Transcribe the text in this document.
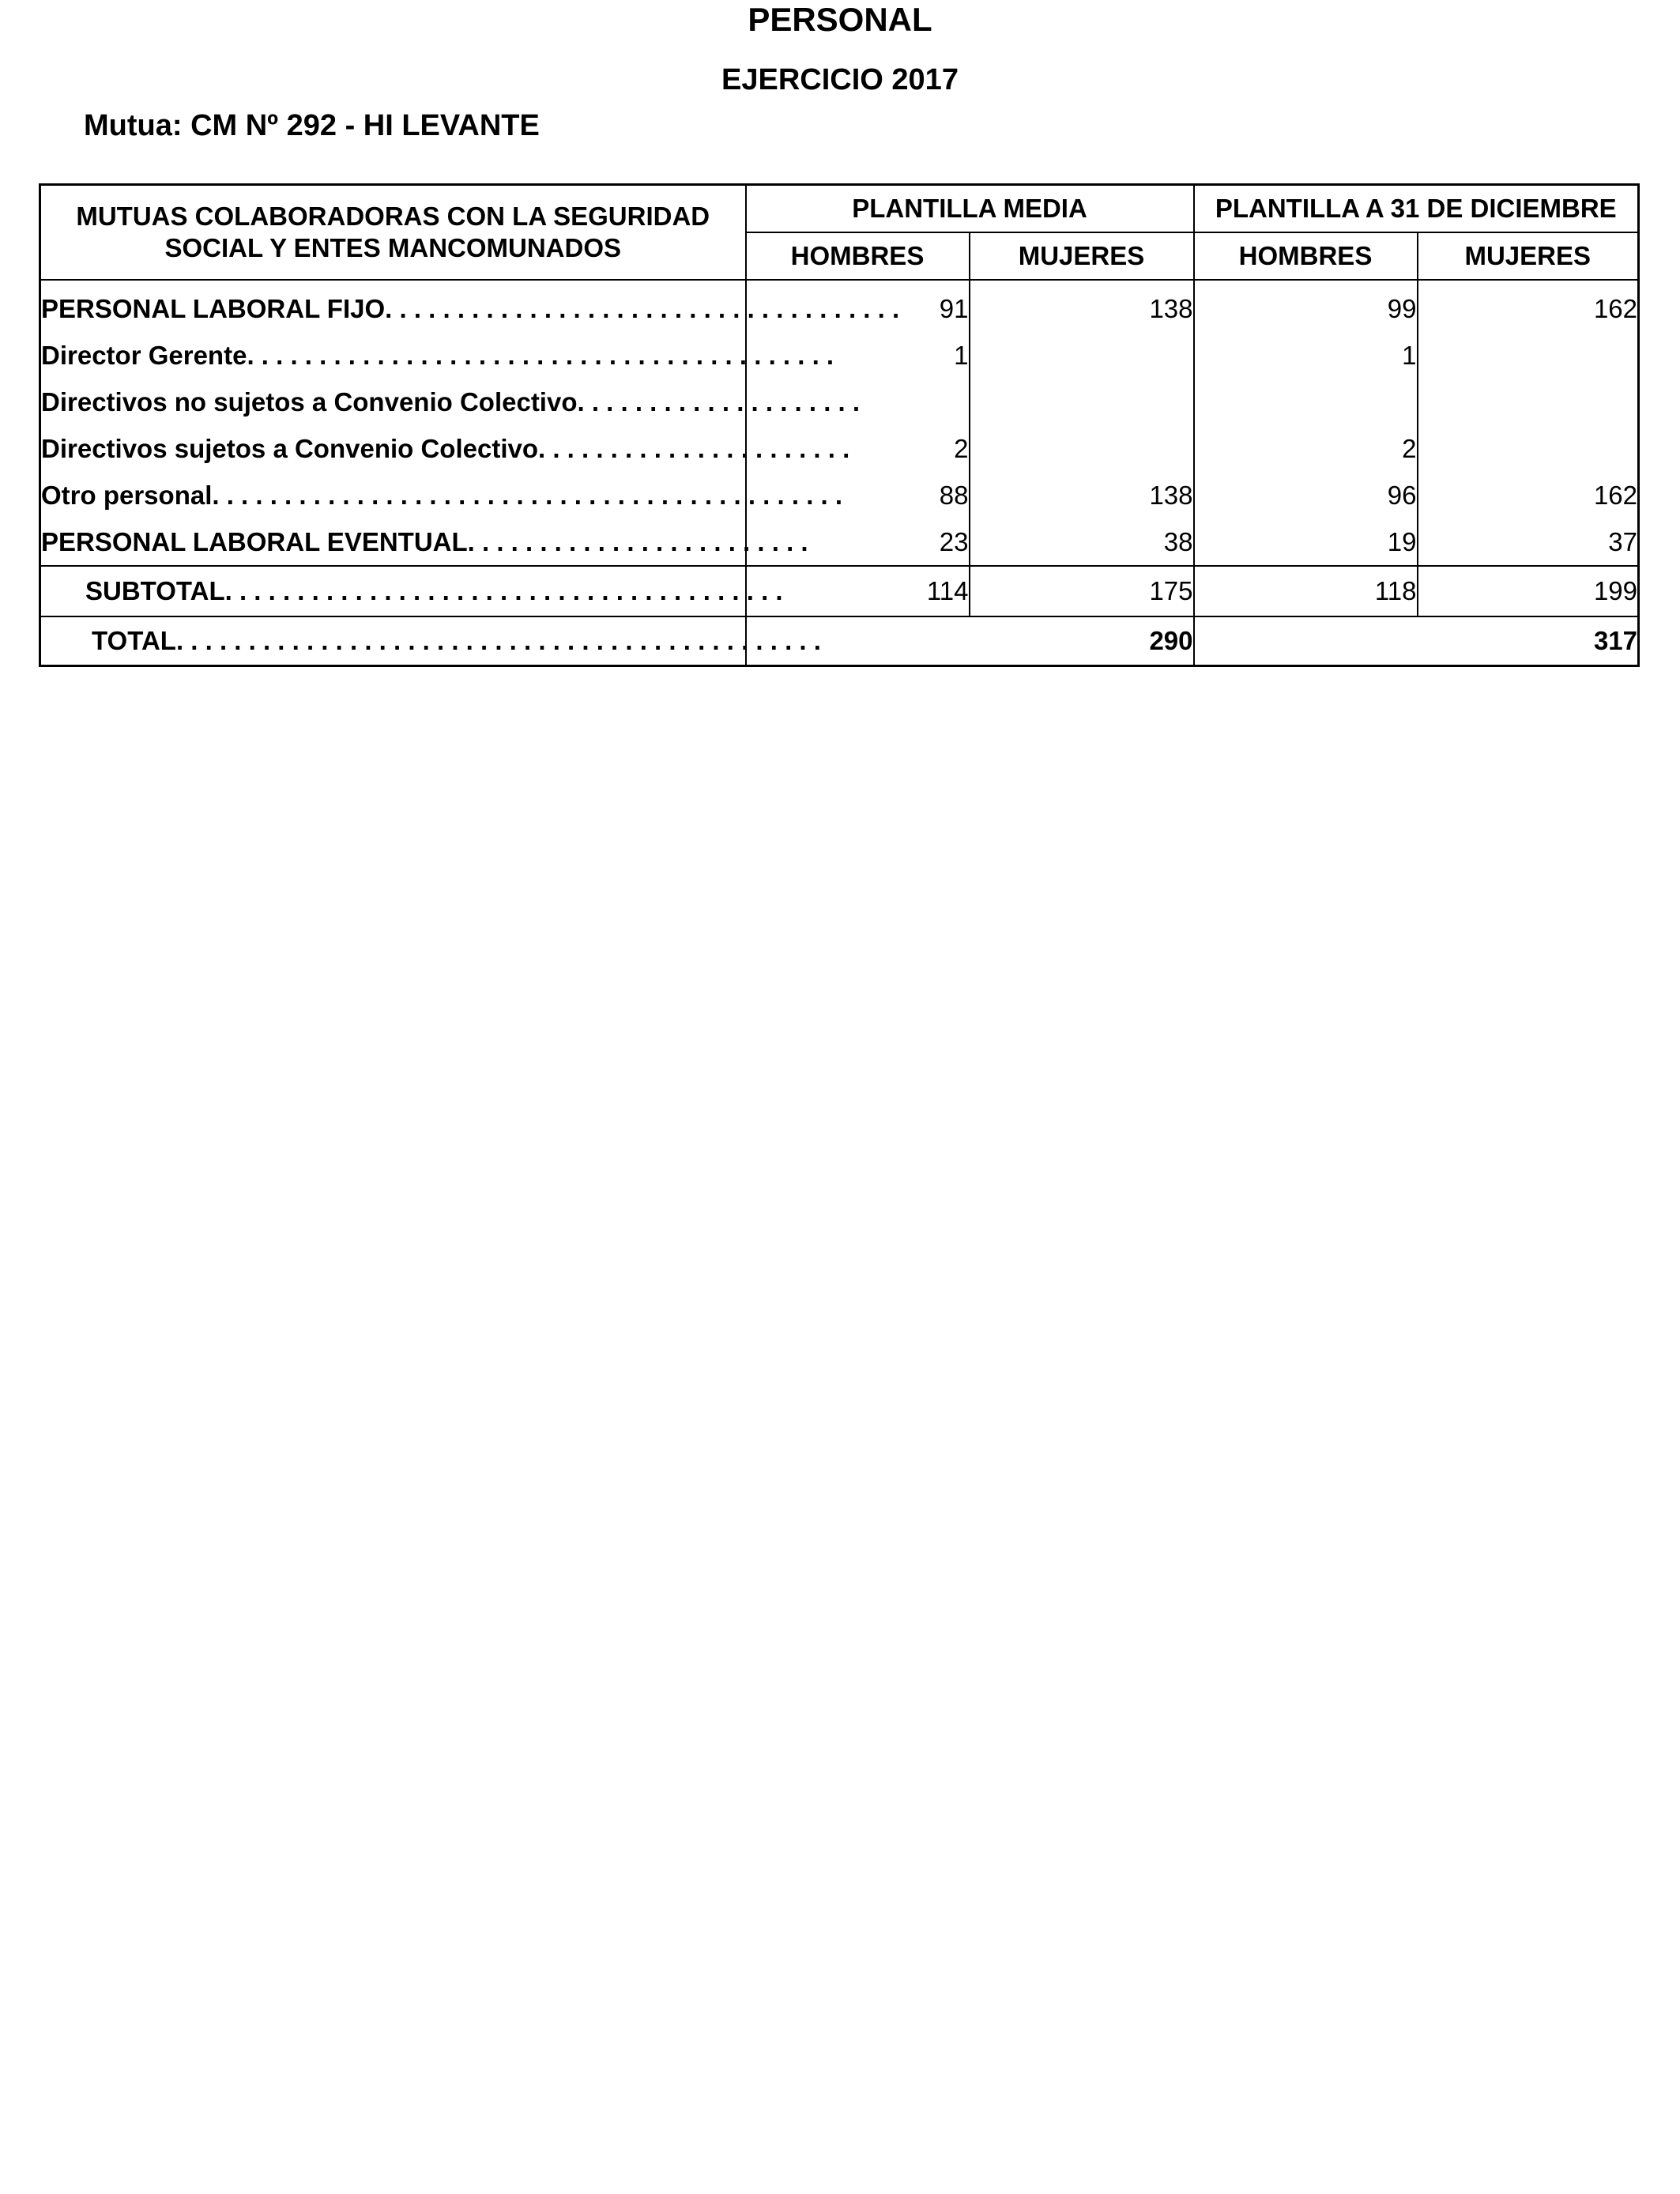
PERSONAL
EJERCICIO 2017
Mutua: CM Nº 292 - HI LEVANTE
MUTUAS COLABORADORAS CON LA SEGURIDAD SOCIAL Y ENTES MANCOMUNADOS	PLANTILLA MEDIA		PLANTILLA A 31 DE DICIEMBRE	
	HOMBRES	MUJERES	HOMBRES	MUJERES
PERSONAL LABORAL FIJO. . . . . . . . . . . . . . . . . . . . . . . . . . . . . . . . . . . .	91	138	99	162
Director Gerente. . . . . . . . . . . . . . . . . . . . . . . . . . . . . . . . . . . . . . . . .	1		1	
Directivos no sujetos a Convenio Colectivo. . . . . . . . . . . . . . . . . . . .				
Directivos sujetos a Convenio Colectivo. . . . . . . . . . . . . . . . . . . . . .	2		2	
Otro personal. . . . . . . . . . . . . . . . . . . . . . . . . . . . . . . . . . . . . . . . . . . .	88	138	96	162
PERSONAL LABORAL EVENTUAL. . . . . . . . . . . . . . . . . . . . . . . .	23	38	19	37
SUBTOTAL. . . . . . . . . . . . . . . . . . . . . . . . . . . . . . . . . . . . . . .	114	175	118	199
TOTAL. . . . . . . . . . . . . . . . . . . . . . . . . . . . . . . . . . . . . . . . . . . . .	290		317	
